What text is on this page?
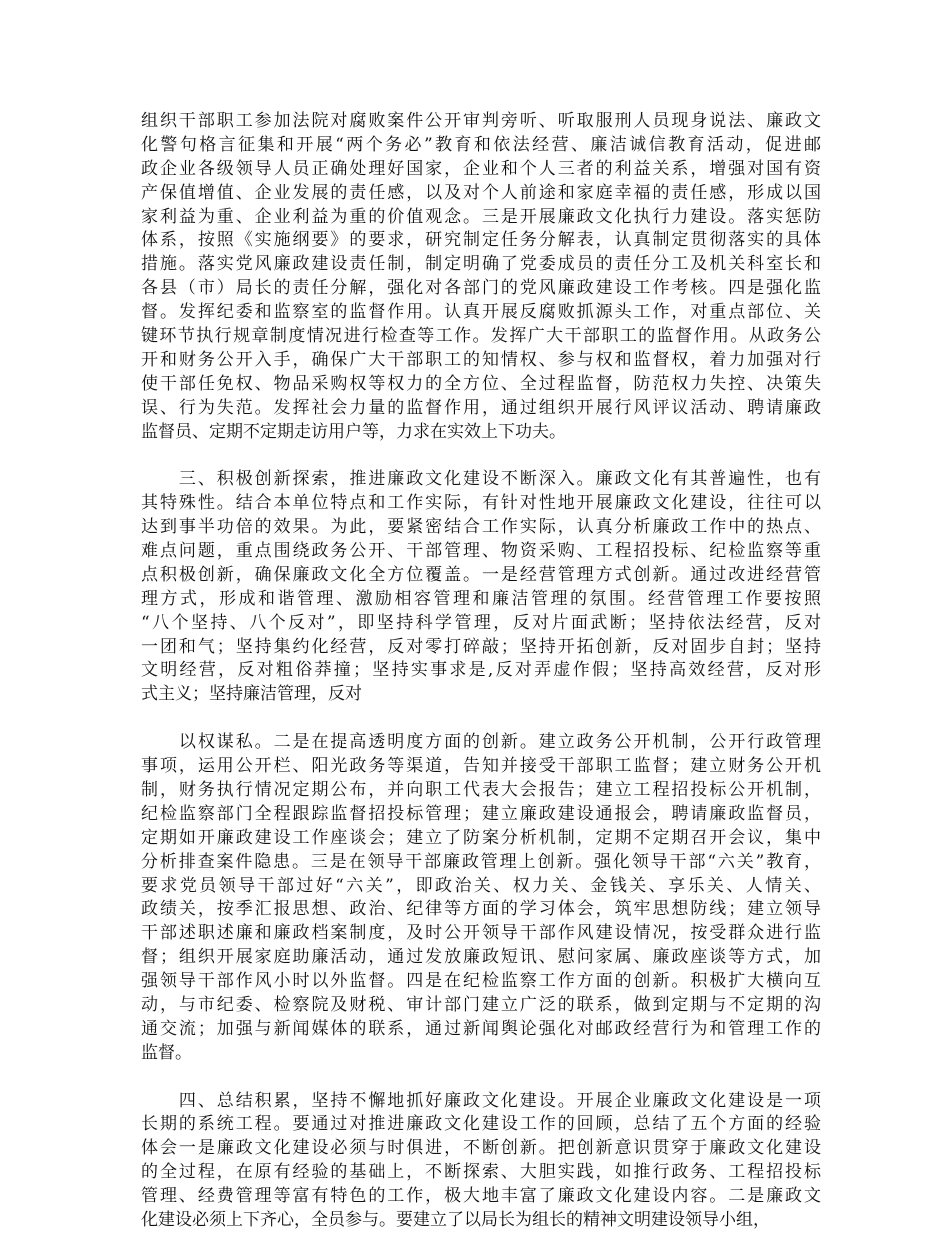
组织干部职工参加法院对腐败案件公开审判旁听、听取服刑人员现身说法、廉政文
化警句格言征集和开展“两个务必”教育和依法经营、廉洁诚信教育活动，促进邮
政企业各级领导人员正确处理好国家，企业和个人三者的利益关系，增强对国有资
产保值增值、企业发展的责任感，以及对个人前途和家庭幸福的责任感，形成以国
家利益为重、企业利益为重的价值观念。三是开展廉政文化执行力建设。落实惩防
体系，按照《实施纲要》的要求，研究制定任务分解表，认真制定贯彻落实的具体
措施。落实党风廉政建设责任制，制定明确了党委成员的责任分工及机关科室长和
各县（市）局长的责任分解，强化对各部门的党风廉政建设工作考核。四是强化监
督。发挥纪委和监察室的监督作用。认真开展反腐败抓源头工作，对重点部位、关
键环节执行规章制度情况进行检查等工作。发挥广大干部职工的监督作用。从政务公
开和财务公开入手，确保广大干部职工的知情权、参与权和监督权，着力加强对行
使干部任免权、物品采购权等权力的全方位、全过程监督，防范权力失控、决策失
误、行为失范。发挥社会力量的监督作用，通过组织开展行风评议活动、聘请廉政
监督员、定期不定期走访用户等，力求在实效上下功夫。
　　三、积极创新探索，推进廉政文化建设不断深入。廉政文化有其普遍性，也有
其特殊性。结合本单位特点和工作实际，有针对性地开展廉政文化建设，往往可以
达到事半功倍的效果。为此，要紧密结合工作实际，认真分析廉政工作中的热点、
难点问题，重点围绕政务公开、干部管理、物资采购、工程招投标、纪检监察等重
点积极创新，确保廉政文化全方位覆盖。一是经营管理方式创新。通过改进经营管
理方式，形成和谐管理、激励相容管理和廉洁管理的氛围。经营管理工作要按照
“八个坚持、八个反对”，即坚持科学管理，反对片面武断；坚持依法经营，反对
一团和气；坚持集约化经营，反对零打碎敲；坚持开拓创新，反对固步自封；坚持
文明经营，反对粗俗莽撞；坚持实事求是,反对弄虚作假；坚持高效经营，反对形
式主义；坚持廉洁管理，反对
　　以权谋私。二是在提高透明度方面的创新。建立政务公开机制，公开行政管理
事项，运用公开栏、阳光政务等渠道，告知并接受干部职工监督；建立财务公开机
制，财务执行情况定期公布，并向职工代表大会报告；建立工程招投标公开机制，
纪检监察部门全程跟踪监督招投标管理；建立廉政建设通报会，聘请廉政监督员，
定期如开廉政建设工作座谈会；建立了防案分析机制，定期不定期召开会议，集中
分析排查案件隐患。三是在领导干部廉政管理上创新。强化领导干部“六关”教育，
要求党员领导干部过好“六关”，即政治关、权力关、金钱关、享乐关、人情关、
政绩关，按季汇报思想、政治、纪律等方面的学习体会，筑牢思想防线；建立领导
干部述职述廉和廉政档案制度，及时公开领导干部作风建设情况，按受群众进行监
督；组织开展家庭助廉活动，通过发放廉政短讯、慰问家属、廉政座谈等方式，加
强领导干部作风小时以外监督。四是在纪检监察工作方面的创新。积极扩大横向互
动，与市纪委、检察院及财税、审计部门建立广泛的联系，做到定期与不定期的沟
通交流；加强与新闻媒体的联系，通过新闻舆论强化对邮政经营行为和管理工作的
监督。
　　四、总结积累，坚持不懈地抓好廉政文化建设。开展企业廉政文化建设是一项
长期的系统工程。要通过对推进廉政文化建设工作的回顾，总结了五个方面的经验
体会一是廉政文化建设必须与时俱进，不断创新。把创新意识贯穿于廉政文化建设
的全过程，在原有经验的基础上，不断探索、大胆实践，如推行政务、工程招投标
管理、经费管理等富有特色的工作，极大地丰富了廉政文化建设内容。二是廉政文
化建设必须上下齐心，全员参与。要建立了以局长为组长的精神文明建设领导小组，
